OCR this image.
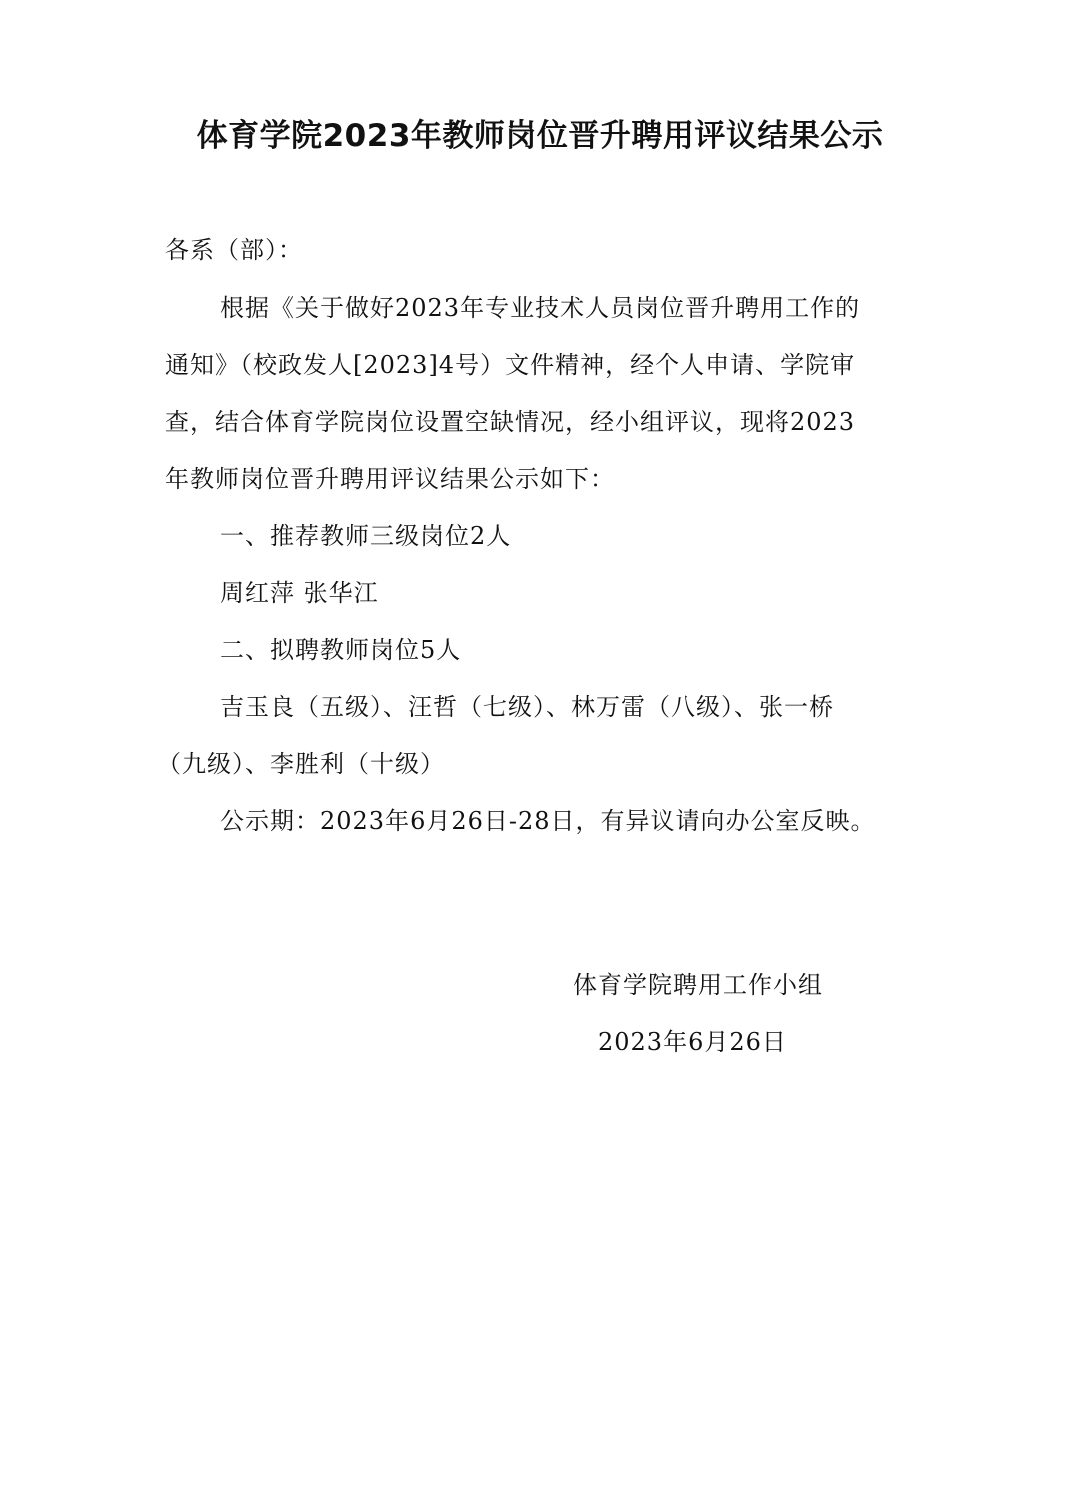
体育学院2023年教师岗位晋升聘用评议结果公示
各系（部）：
根据《关于做好2023年专业技术人员岗位晋升聘用工作的
通知》（校政发人[2023]4号）文件精神，经个人申请、学院审
查，结合体育学院岗位设置空缺情况，经小组评议，现将2023
年教师岗位晋升聘用评议结果公示如下：
一、推荐教师三级岗位2人
周红萍 张华江
二、拟聘教师岗位5人
吉玉良（五级）、汪哲（七级）、林万雷（八级）、张一桥
（九级）、李胜利（十级）
公示期：2023年6月26日-28日，有异议请向办公室反映。
体育学院聘用工作小组
2023年6月26日
